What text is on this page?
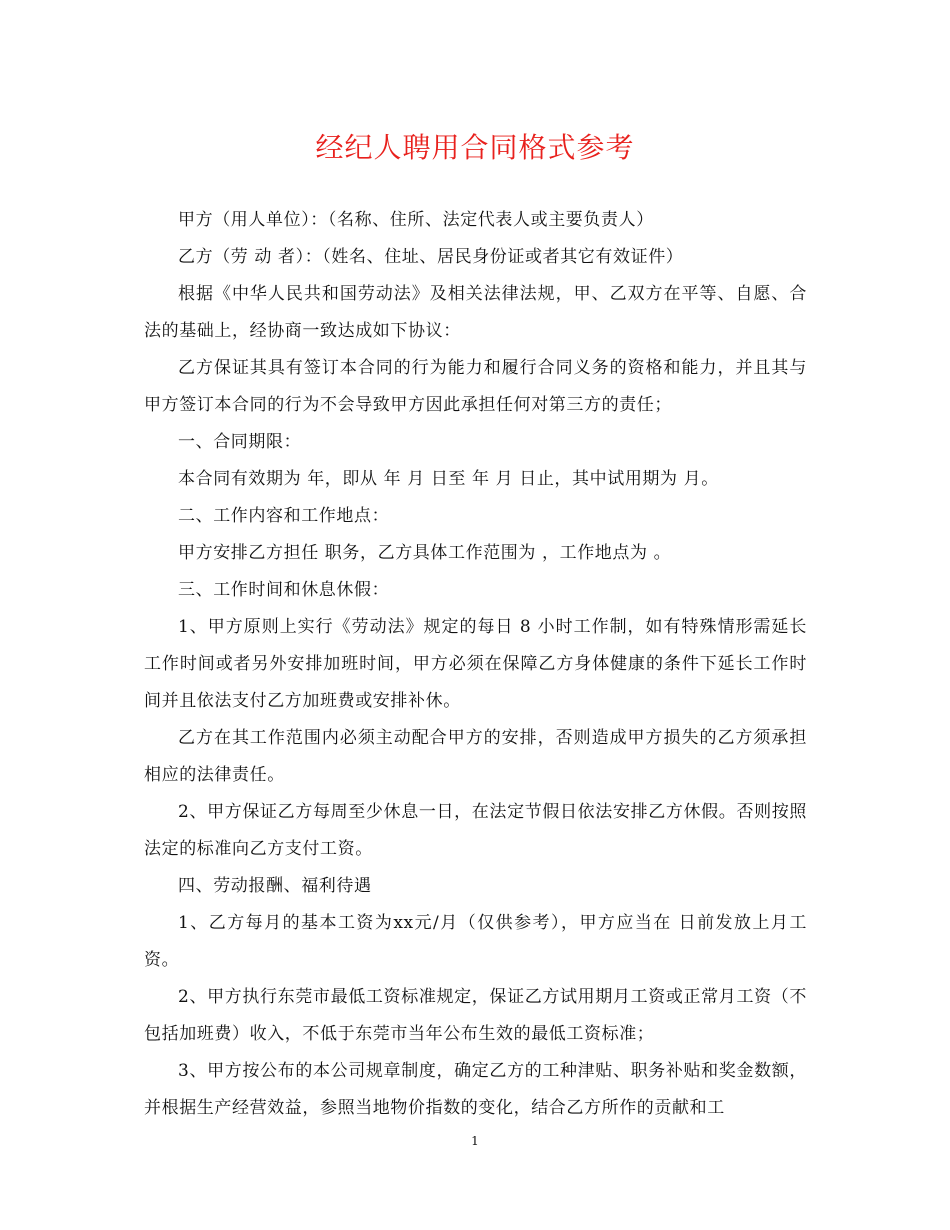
经纪人聘用合同格式参考

甲方（用人单位）：（名称、住所、法定代表人或主要负责人）

乙方（劳 动 者）：（姓名、住址、居民身份证或者其它有效证件）

根据《中华人民共和国劳动法》及相关法律法规，甲、乙双方在平等、自愿、合法的基础上，经协商一致达成如下协议：

乙方保证其具有签订本合同的行为能力和履行合同义务的资格和能力，并且其与甲方签订本合同的行为不会导致甲方因此承担任何对第三方的责任；

一、合同期限：

本合同有效期为 年，即从 年 月 日至 年 月 日止，其中试用期为 月。

二、工作内容和工作地点：

甲方安排乙方担任 职务，乙方具体工作范围为 ，工作地点为 。

三、工作时间和休息休假：

1、甲方原则上实行《劳动法》规定的每日 8 小时工作制，如有特殊情形需延长工作时间或者另外安排加班时间，甲方必须在保障乙方身体健康的条件下延长工作时间并且依法支付乙方加班费或安排补休。

乙方在其工作范围内必须主动配合甲方的安排，否则造成甲方损失的乙方须承担相应的法律责任。

2、甲方保证乙方每周至少休息一日，在法定节假日依法安排乙方休假。否则按照法定的标准向乙方支付工资。

四、劳动报酬、福利待遇

1、乙方每月的基本工资为xx元/月（仅供参考），甲方应当在 日前发放上月工资。

2、甲方执行东莞市最低工资标准规定，保证乙方试用期月工资或正常月工资（不包括加班费）收入，不低于东莞市当年公布生效的最低工资标准；

3、甲方按公布的本公司规章制度，确定乙方的工种津贴、职务补贴和奖金数额，并根据生产经营效益，参照当地物价指数的变化，结合乙方所作的贡献和工

1
